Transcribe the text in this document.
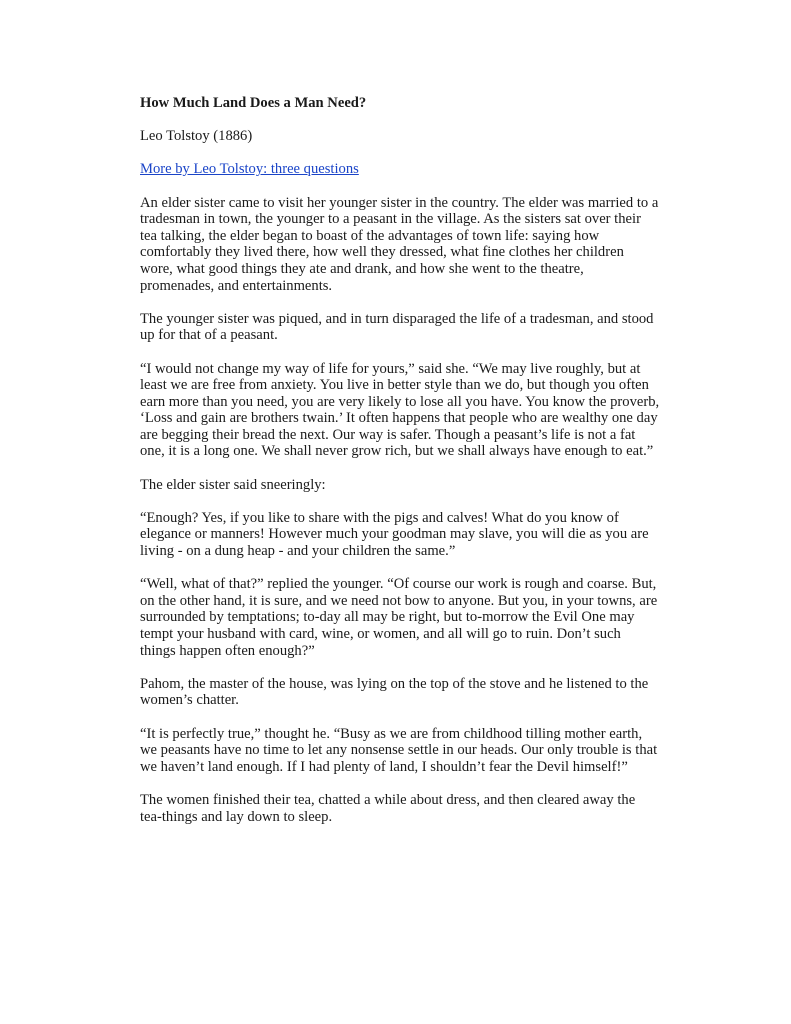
How Much Land Does a Man Need?

Leo Tolstoy (1886)

More by Leo Tolstoy: three questions

An elder sister came to visit her younger sister in the country. The elder was married to a tradesman in town, the younger to a peasant in the village. As the sisters sat over their tea talking, the elder began to boast of the advantages of town life: saying how comfortably they lived there, how well they dressed, what fine clothes her children wore, what good things they ate and drank, and how she went to the theatre, promenades, and entertainments.

The younger sister was piqued, and in turn disparaged the life of a tradesman, and stood up for that of a peasant.

“I would not change my way of life for yours,” said she. “We may live roughly, but at least we are free from anxiety. You live in better style than we do, but though you often earn more than you need, you are very likely to lose all you have. You know the proverb, ‘Loss and gain are brothers twain.’ It often happens that people who are wealthy one day are begging their bread the next. Our way is safer. Though a peasant’s life is not a fat one, it is a long one. We shall never grow rich, but we shall always have enough to eat.”

The elder sister said sneeringly:

“Enough? Yes, if you like to share with the pigs and calves! What do you know of elegance or manners! However much your goodman may slave, you will die as you are living - on a dung heap - and your children the same.”

“Well, what of that?” replied the younger. “Of course our work is rough and coarse. But, on the other hand, it is sure, and we need not bow to anyone. But you, in your towns, are surrounded by temptations; to-day all may be right, but to-morrow the Evil One may tempt your husband with card, wine, or women, and all will go to ruin. Don’t such things happen often enough?”

Pahom, the master of the house, was lying on the top of the stove and he listened to the women’s chatter.

“It is perfectly true,” thought he. “Busy as we are from childhood tilling mother earth, we peasants have no time to let any nonsense settle in our heads. Our only trouble is that we haven’t land enough. If I had plenty of land, I shouldn’t fear the Devil himself!”

The women finished their tea, chatted a while about dress, and then cleared away the tea-things and lay down to sleep.
